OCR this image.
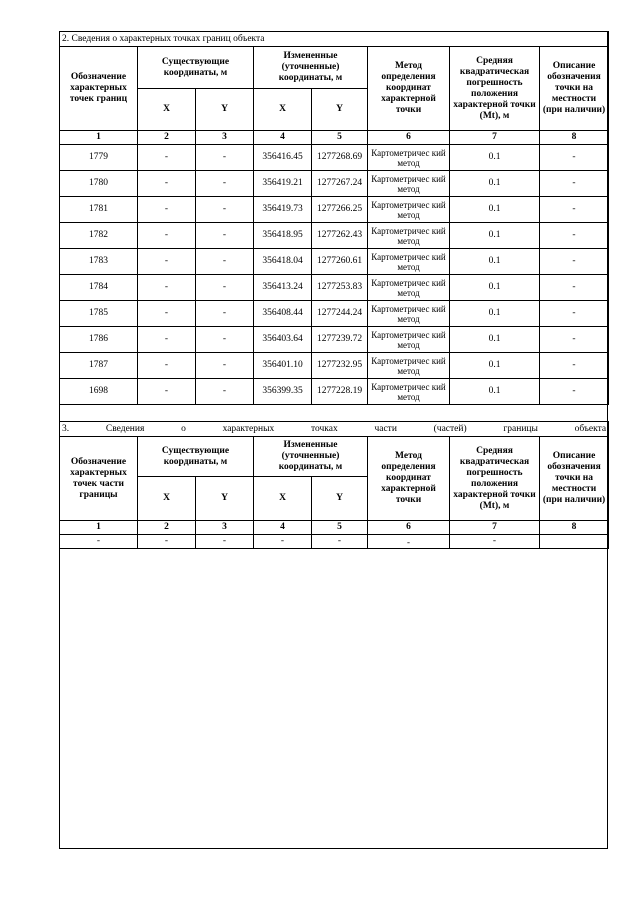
2. Сведения о характерных точках границ объекта							
Обозначение характерных точек границ	Существующие координаты, м		Измененные (уточненные) координаты, м		Метод определения координат характерной точки	Средняя квадратическая погрешность положения характерной точки (Mt), м	Описание обозначения точки на местности (при наличии)
	X	Y	X	Y			
1	2	3	4	5	6	7	8
1779	-	-	356416.45	1277268.69	Картометричес кий метод	0.1	-
1780	-	-	356419.21	1277267.24	Картометричес кий метод	0.1	-
1781	-	-	356419.73	1277266.25	Картометричес кий метод	0.1	-
1782	-	-	356418.95	1277262.43	Картометричес кий метод	0.1	-
1783	-	-	356418.04	1277260.61	Картометричес кий метод	0.1	-
1784	-	-	356413.24	1277253.83	Картометричес кий метод	0.1	-
1785	-	-	356408.44	1277244.24	Картометричес кий метод	0.1	-
1786	-	-	356403.64	1277239.72	Картометричес кий метод	0.1	-
1787	-	-	356401.10	1277232.95	Картометричес кий метод	0.1	-
1698	-	-	356399.35	1277228.19	Картометричес кий метод	0.1	-
3. Сведения о характерных точках части (частей) границы объекта							
Обозначение характерных точек части границы	Существующие координаты, м		Измененные (уточненные) координаты, м		Метод определения координат характерной точки	Средняя квадратическая погрешность положения характерной точки (Mt), м	Описание обозначения точки на местности (при наличии)
	X	Y	X	Y			
1	2	3	4	5	6	7	8
-	-	-	-	-	-	-	
